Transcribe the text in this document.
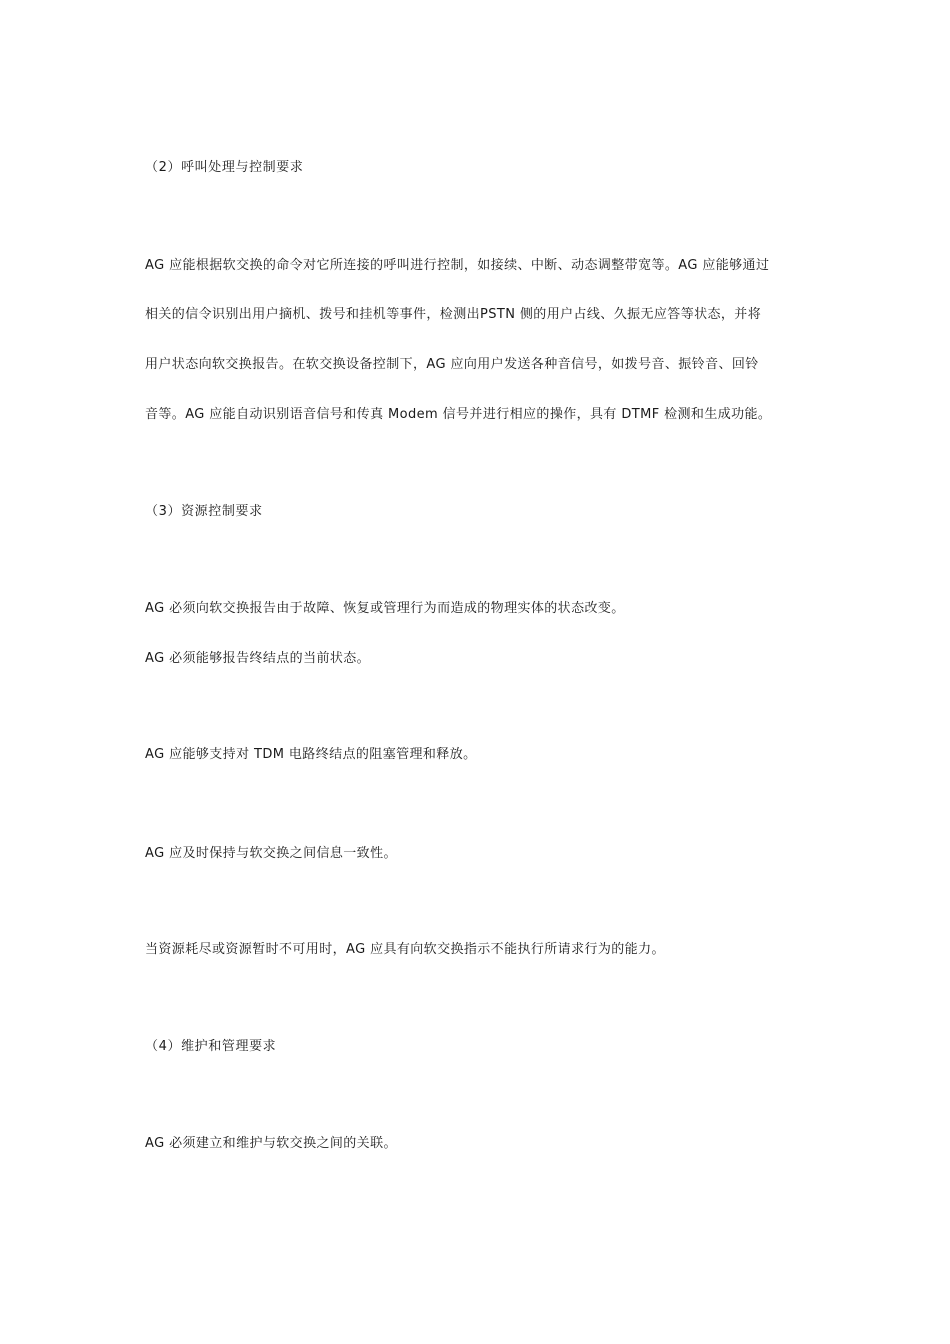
（2）呼叫处理与控制要求
AG 应能根据软交换的命令对它所连接的呼叫进行控制，如接续、中断、动态调整带宽等。AG 应能够通过
相关的信令识别出用户摘机、拨号和挂机等事件，检测出PSTN 侧的用户占线、久振无应答等状态，并将
用户状态向软交换报告。在软交换设备控制下，AG 应向用户发送各种音信号，如拨号音、振铃音、回铃
音等。AG 应能自动识别语音信号和传真 Modem 信号并进行相应的操作，具有 DTMF 检测和生成功能。
（3）资源控制要求
AG 必须向软交换报告由于故障、恢复或管理行为而造成的物理实体的状态改变。
AG 必须能够报告终结点的当前状态。
AG 应能够支持对 TDM 电路终结点的阻塞管理和释放。
AG 应及时保持与软交换之间信息一致性。
当资源耗尽或资源暂时不可用时，AG 应具有向软交换指示不能执行所请求行为的能力。
（4）维护和管理要求
AG 必须建立和维护与软交换之间的关联。
